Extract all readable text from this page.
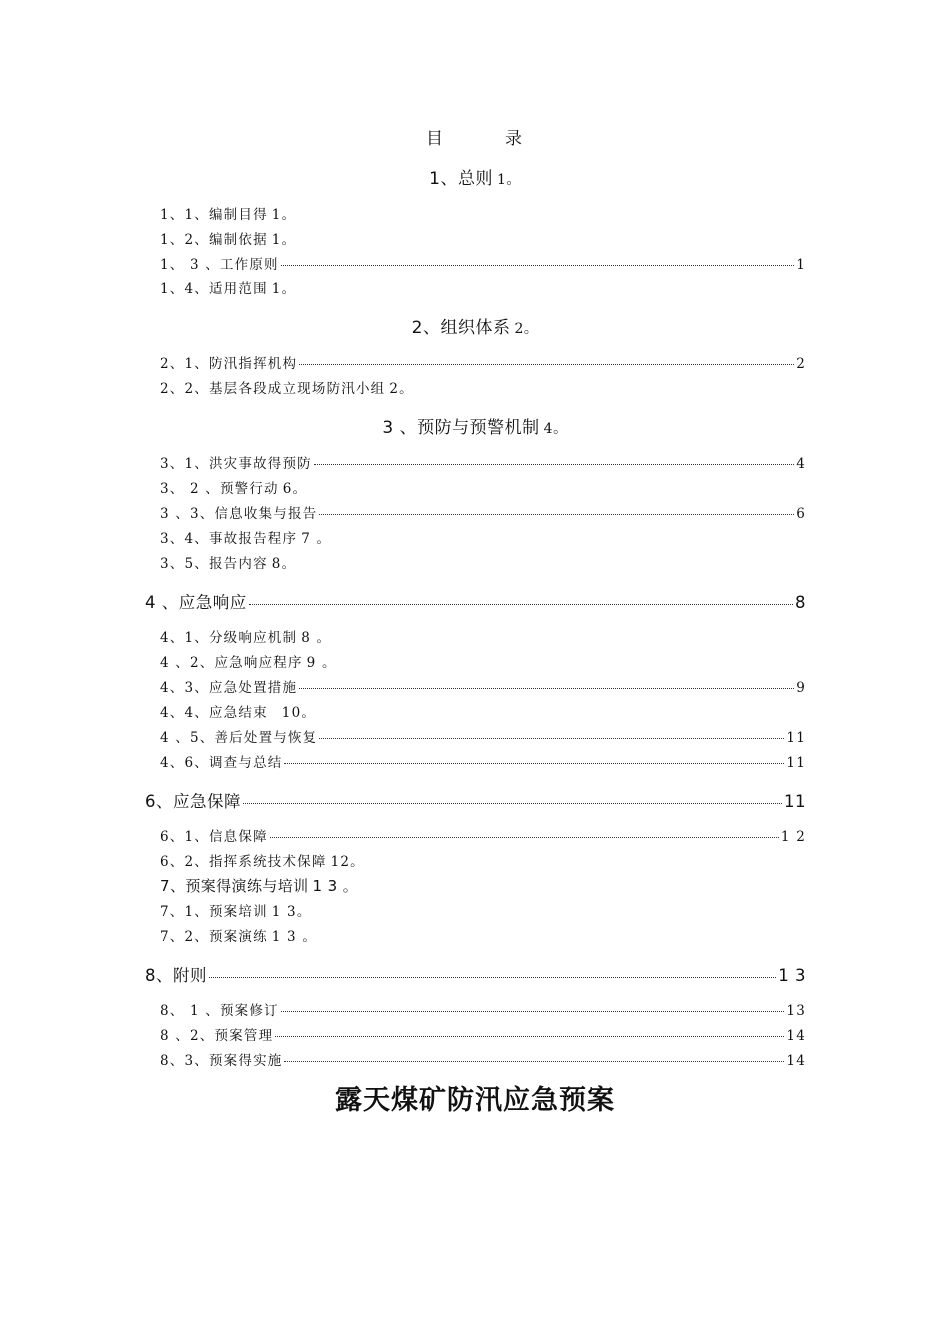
目	录
1、总则 1。
1、1、编制目得 1。
1、2、编制依据 1。
1、 3 、工作原则	1
1、4、适用范围 1。
2、组织体系 2。
2、1、防汛指挥机构	2
2、2、基层各段成立现场防汛小组 2。
3 、预防与预警机制 4。
3、1、洪灾事故得预防	4
3、 2 、预警行动 6。
3 、3、信息收集与报告	6
3、4、事故报告程序 7 。
3、5、报告内容 8。
4 、应急响应	8
4、1、分级响应机制 8 。
4 、2、应急响应程序 9 。
4、3、应急处置措施	9
4、4、应急结束 10。
4 、5、善后处置与恢复	11
4、6、调查与总结	11
6、应急保障	11
6、1、信息保障	1 2
6、2、指挥系统技术保障 12。
7、预案得演练与培训 1 3 。
7、1、预案培训 1 3。
7、2、预案演练 1 3 。
8、附则	1 3
8、 1 、预案修订	13
8 、2、预案管理	14
8、3、预案得实施	14
露天煤矿防汛应急预案
